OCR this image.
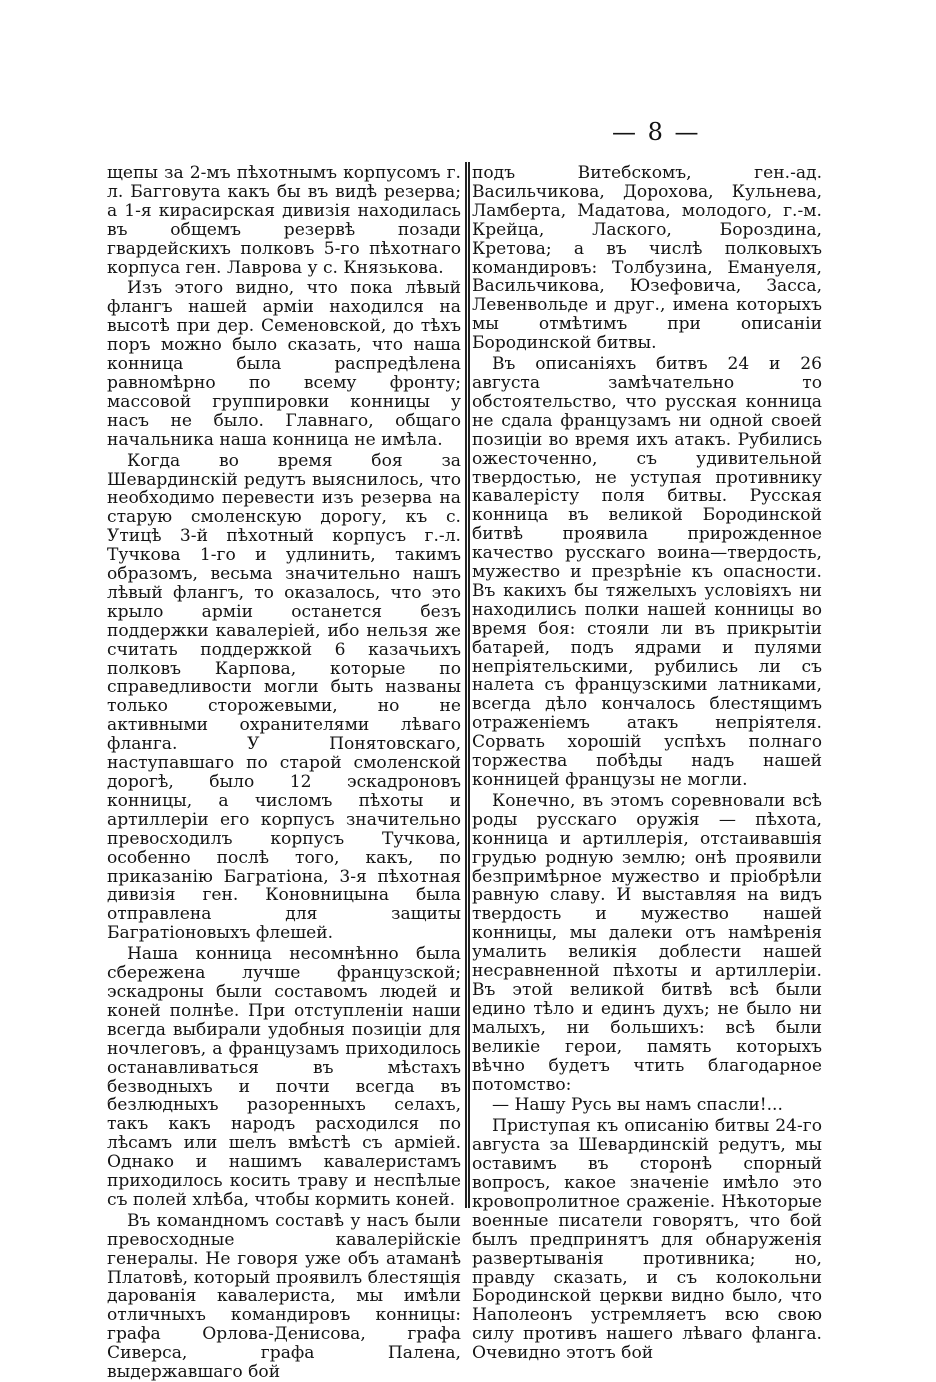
— 8 —

щепы за 2-мъ пѣхотнымъ корпусомъ г. л. Багговута какъ бы въ видѣ резерва; а 1-я кирасирская дивизія находилась въ общемъ резервѣ позади гвардейскихъ полковъ 5-го пѣхотнаго корпуса ген. Лаврова у с. Князькова.

Изъ этого видно, что пока лѣвый флангъ нашей арміи находился на высотѣ при дер. Семеновской, до тѣхъ поръ можно было сказать, что наша конница была распредѣлена равномѣрно по всему фронту; массовой группировки конницы у насъ не было. Главнаго, общаго начальника наша конница не имѣла.

Когда во время боя за Шевардинскій редутъ выяснилось, что необходимо перевести изъ резерва на старую смоленскую дорогу, къ с. Утицѣ 3-й пѣхотный корпусъ г.-л. Тучкова 1-го и удлинить, такимъ образомъ, весьма значительно нашъ лѣвый флангъ, то оказалось, что это крыло арміи останется безъ поддержки кавалеріей, ибо нельзя же считать поддержкой 6 казачьихъ полковъ Карпова, которые по справедливости могли быть названы только сторожевыми, но не активными охранителями лѣваго фланга. У Понятовскаго, наступавшаго по старой смоленской дорогѣ, было 12 эскадроновъ конницы, а числомъ пѣхоты и артиллеріи его корпусъ значительно превосходилъ корпусъ Тучкова, особенно послѣ того, какъ, по приказанію Багратіона, 3-я пѣхотная дивизія ген. Коновницына была отправлена для защиты Багратіоновыхъ флешей.

Наша конница несомнѣнно была сбережена лучше французской; эскадроны были составомъ людей и коней полнѣе. При отступленіи наши всегда выбирали удобныя позиціи для ночлеговъ, а французамъ приходилось останавливаться въ мѣстахъ безводныхъ и почти всегда въ безлюдныхъ разоренныхъ селахъ, такъ какъ народъ расходился по лѣсамъ или шелъ вмѣстѣ съ арміей. Однако и нашимъ кавалеристамъ приходилось косить траву и неспѣлые съ полей хлѣба, чтобы кормить коней.

Въ командномъ составѣ у насъ были превосходные кавалерійскіе генералы. Не говоря уже объ атаманѣ Платовѣ, который проявилъ блестящія дарованія кавалериста, мы имѣли отличныхъ командировъ конницы: графа Орлова-Денисова, графа Сиверса, графа Палена, выдержавшаго бой

подъ Витебскомъ, ген.-ад. Васильчикова, Дорохова, Кульнева, Ламберта, Мадатова, молодого, г.-м. Крейца, Лаского, Бороздина, Кретова; а въ числѣ полковыхъ командировъ: Толбузина, Емануеля, Васильчикова, Юзефовича, Засса, Левенвольде и друг., имена которыхъ мы отмѣтимъ при описаніи Бородинской битвы.

Въ описаніяхъ битвъ 24 и 26 августа замѣчательно то обстоятельство, что русская конница не сдала французамъ ни одной своей позиціи во время ихъ атакъ. Рубились ожесточенно, съ удивительной твердостью, не уступая противнику кавалерісту поля битвы. Русская конница въ великой Бородинской битвѣ проявила прирожденное качество русскаго воина—твердость, мужество и презрѣніе къ опасности. Въ какихъ бы тяжелыхъ условіяхъ ни находились полки нашей конницы во время боя: стояли ли въ прикрытіи батарей, подъ ядрами и пулями непріятельскими, рубились ли съ налета съ французскими латниками, всегда дѣло кончалось блестящимъ отраженіемъ атакъ непріятеля. Сорвать хорошій успѣхъ полнаго торжества побѣды надъ нашей конницей французы не могли.

Конечно, въ этомъ соревновали всѣ роды русскаго оружія — пѣхота, конница и артиллерія, отстаивавшія грудью родную землю; онѣ проявили безпримѣрное мужество и пріобрѣли равную славу. И выставляя на видъ твердость и мужество нашей конницы, мы далеки отъ намѣренія умалить великія доблести нашей несравненной пѣхоты и артиллеріи. Въ этой великой битвѣ всѣ были едино тѣло и единъ духъ; не было ни малыхъ, ни большихъ: всѣ были великіе герои, память которыхъ вѣчно будетъ чтить благодарное потомство:

— Нашу Русь вы намъ спасли!...

Приступая къ описанію битвы 24-го августа за Шевардинскій редутъ, мы оставимъ въ сторонѣ спорный вопросъ, какое значеніе имѣло это кровопролитное сраженіе. Нѣкоторые военные писатели говорятъ, что бой былъ предпринятъ для обнаруженія развертыванія противника; но, правду сказать, и съ колокольни Бородинской церкви видно было, что Наполеонъ устремляетъ всю свою силу противъ нашего лѣваго фланга. Очевидно этотъ бой
